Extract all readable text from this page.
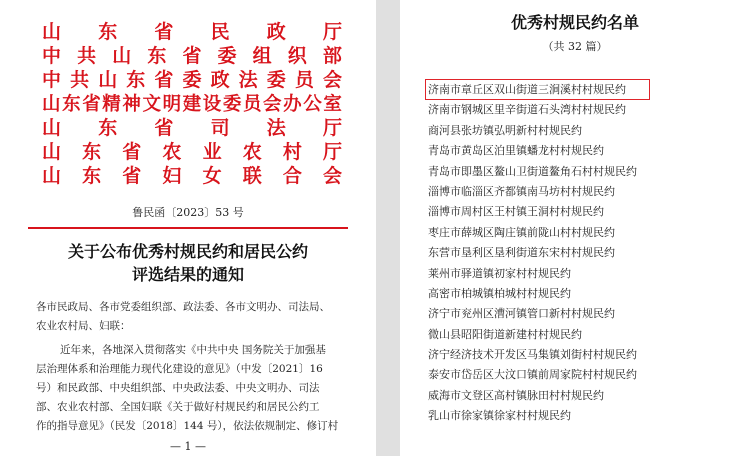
山 东 省 民 政 厅
中 共 山 东 省 委 组 织 部
中 共 山 东 省 委 政 法 委 员 会
山 东 省 精 神 文 明 建 设 委 员 会 办 公 室
山 东 省 司 法 厅
山 东 省 农 业 农 村 厅
山 东 省 妇 女 联 合 会
鲁民函〔2023〕53 号
关于公布优秀村规民约和居民公约
评选结果的通知
各市民政局、各市党委组织部、政法委、各市文明办、司法局、
农业农村局、妇联：
近年来，各地深入贯彻落实《中共中央 国务院关于加强基
层治理体系和治理能力现代化建设的意见》（中发〔2021〕16
号）和民政部、中央组织部、中央政法委、中央文明办、司法
部、农业农村部、全国妇联《关于做好村规民约和居民公约工
作的指导意见》（民发〔2018〕144 号），依法依规制定、修订村
— 1 —
优秀村规民约名单
（共 32 篇）
济南市章丘区双山街道三涧溪村村规民约
济南市钢城区里辛街道石头湾村村规民约
商河县张坊镇弘明新村村规民约
青岛市黄岛区泊里镇蟠龙村村规民约
青岛市即墨区鳌山卫街道鳌角石村村规民约
淄博市临淄区齐都镇南马坊村村规民约
淄博市周村区王村镇王洞村村规民约
枣庄市薛城区陶庄镇前陇山村村规民约
东营市垦利区垦利街道东宋村村规民约
莱州市驿道镇初家村村规民约
高密市柏城镇柏城村村规民约
济宁市兖州区漕河镇管口新村村规民约
微山县昭阳街道新建村村规民约
济宁经济技术开发区马集镇刘街村村规民约
泰安市岱岳区大汶口镇前周家院村村规民约
威海市文登区高村镇脉田村村规民约
乳山市徐家镇徐家村村规民约
